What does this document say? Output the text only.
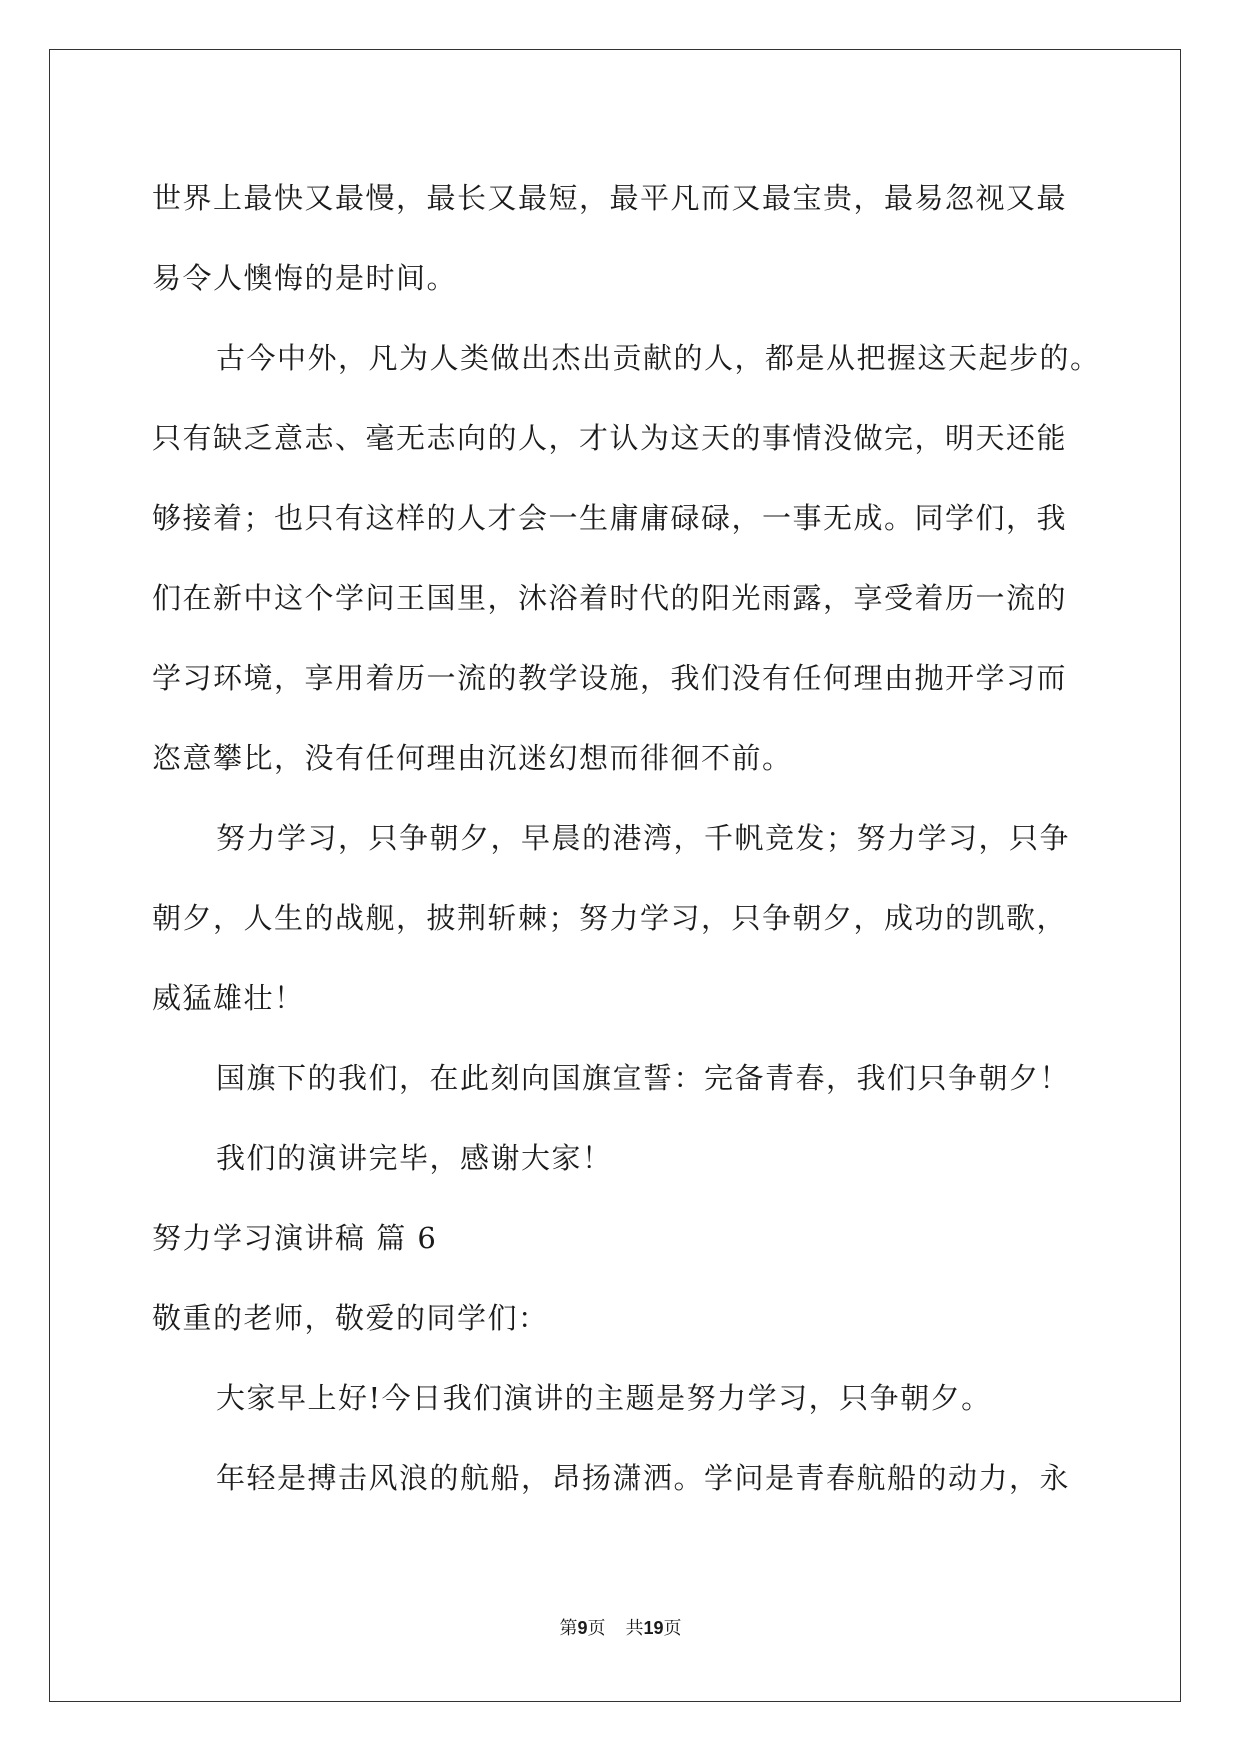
世界上最快又最慢，最长又最短，最平凡而又最宝贵，最易忽视又最
易令人懊悔的是时间。
古今中外，凡为人类做出杰出贡献的人，都是从把握这天起步的。
只有缺乏意志、毫无志向的人，才认为这天的事情没做完，明天还能
够接着；也只有这样的人才会一生庸庸碌碌，一事无成。同学们，我
们在新中这个学问王国里，沐浴着时代的阳光雨露，享受着历一流的
学习环境，享用着历一流的教学设施，我们没有任何理由抛开学习而
恣意攀比，没有任何理由沉迷幻想而徘徊不前。
努力学习，只争朝夕，早晨的港湾，千帆竞发；努力学习，只争
朝夕，人生的战舰，披荆斩棘；努力学习，只争朝夕，成功的凯歌，
威猛雄壮！
国旗下的我们，在此刻向国旗宣誓：完备青春，我们只争朝夕！
我们的演讲完毕，感谢大家！
努力学习演讲稿 篇 6
敬重的老师，敬爱的同学们：
大家早上好!今日我们演讲的主题是努力学习，只争朝夕。
年轻是搏击风浪的航船，昂扬潇洒。学问是青春航船的动力，永
第9页 共19页
